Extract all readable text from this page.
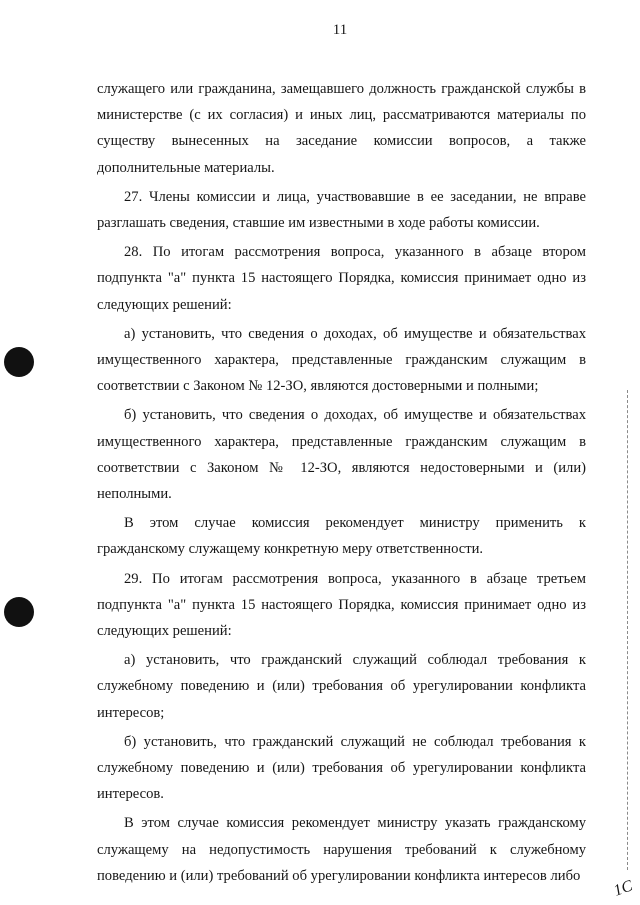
11

служащего или гражданина, замещавшего должность гражданской службы в министерстве (с их согласия) и иных лиц, рассматриваются материалы по существу вынесенных на заседание комиссии вопросов, а также дополнительные материалы.

27. Члены комиссии и лица, участвовавшие в ее заседании, не вправе разглашать сведения, ставшие им известными в ходе работы комиссии.

28. По итогам рассмотрения вопроса, указанного в абзаце втором подпункта "а" пункта 15 настоящего Порядка, комиссия принимает одно из следующих решений:

а) установить, что сведения о доходах, об имуществе и обязательствах имущественного характера, представленные гражданским служащим в соответствии с Законом № 12-ЗО, являются достоверными и полными;

б) установить, что сведения о доходах, об имуществе и обязательствах имущественного характера, представленные гражданским служащим в соответствии с Законом № 12-ЗО, являются недостоверными и (или) неполными.

В этом случае комиссия рекомендует министру применить к гражданскому служащему конкретную меру ответственности.

29. По итогам рассмотрения вопроса, указанного в абзаце третьем подпункта "а" пункта 15 настоящего Порядка, комиссия принимает одно из следующих решений:

а) установить, что гражданский служащий соблюдал требования к служебному поведению и (или) требования об урегулировании конфликта интересов;

б) установить, что гражданский служащий не соблюдал требования к служебному поведению и (или) требования об урегулировании конфликта интересов.

В этом случае комиссия рекомендует министру указать гражданскому служащему на недопустимость нарушения требований к служебному поведению и (или) требований об урегулировании конфликта интересов либо

1С
